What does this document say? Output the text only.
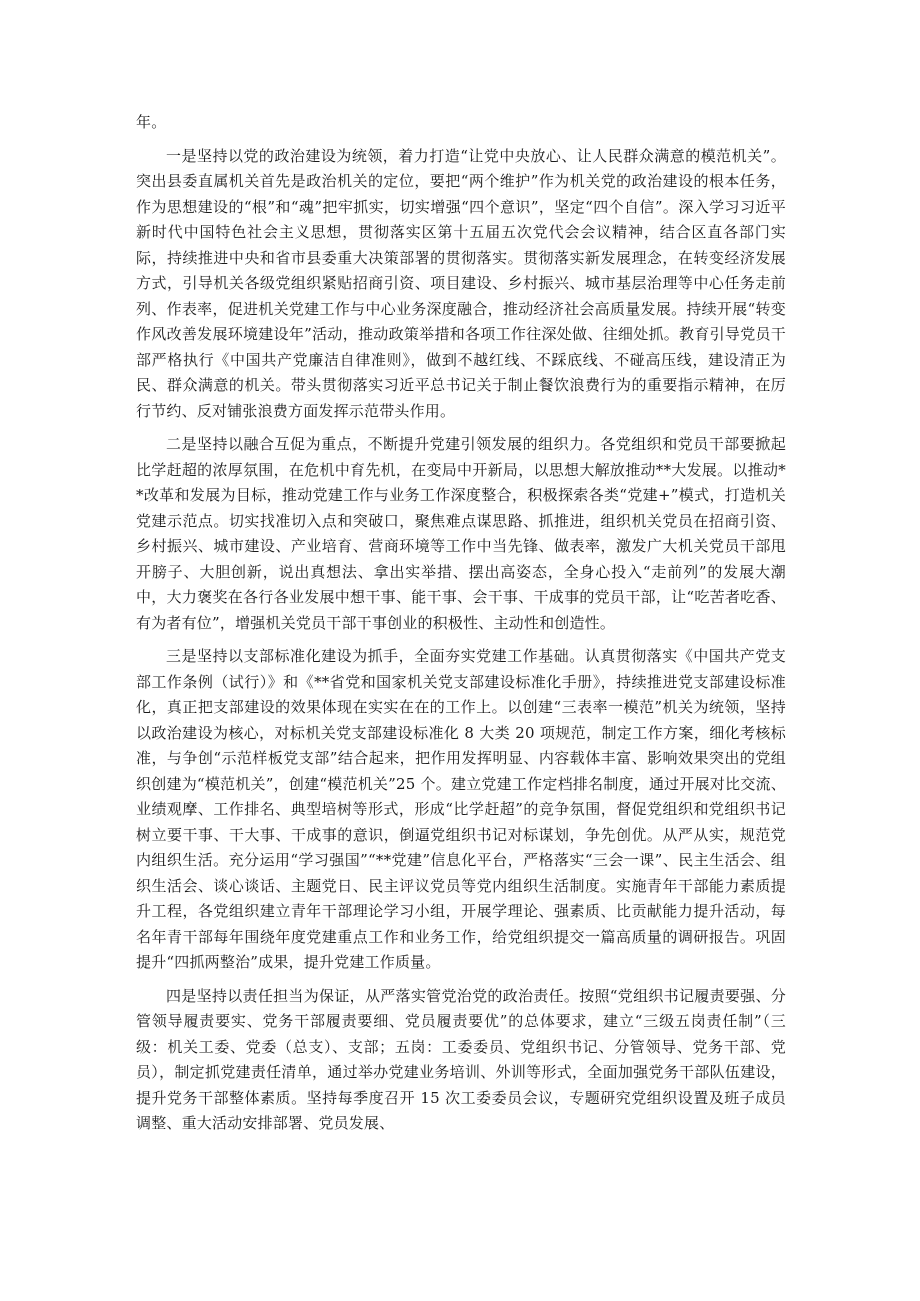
年。

一是坚持以党的政治建设为统领，着力打造“让党中央放心、让人民群众满意的模范机关”。突出县委直属机关首先是政治机关的定位，要把“两个维护”作为机关党的政治建设的根本任务，作为思想建设的“根”和“魂”把牢抓实，切实增强“四个意识”，坚定“四个自信”。深入学习习近平新时代中国特色社会主义思想，贯彻落实区第十五届五次党代会会议精神，结合区直各部门实际，持续推进中央和省市县委重大决策部署的贯彻落实。贯彻落实新发展理念，在转变经济发展方式，引导机关各级党组织紧贴招商引资、项目建设、乡村振兴、城市基层治理等中心任务走前列、作表率，促进机关党建工作与中心业务深度融合，推动经济社会高质量发展。持续开展“转变作风改善发展环境建设年”活动，推动政策举措和各项工作往深处做、往细处抓。教育引导党员干部严格执行《中国共产党廉洁自律准则》，做到不越红线、不踩底线、不碰高压线，建设清正为民、群众满意的机关。带头贯彻落实习近平总书记关于制止餐饮浪费行为的重要指示精神，在厉行节约、反对铺张浪费方面发挥示范带头作用。

二是坚持以融合互促为重点，不断提升党建引领发展的组织力。各党组织和党员干部要掀起比学赶超的浓厚氛围，在危机中育先机，在变局中开新局，以思想大解放推动**大发展。以推动**改革和发展为目标，推动党建工作与业务工作深度整合，积极探索各类“党建+”模式，打造机关党建示范点。切实找准切入点和突破口，聚焦难点谋思路、抓推进，组织机关党员在招商引资、乡村振兴、城市建设、产业培育、营商环境等工作中当先锋、做表率，激发广大机关党员干部甩开膀子、大胆创新，说出真想法、拿出实举措、摆出高姿态，全身心投入“走前列”的发展大潮中，大力褒奖在各行各业发展中想干事、能干事、会干事、干成事的党员干部，让“吃苦者吃香、有为者有位”，增强机关党员干部干事创业的积极性、主动性和创造性。

三是坚持以支部标准化建设为抓手，全面夯实党建工作基础。认真贯彻落实《中国共产党支部工作条例（试行）》和《**省党和国家机关党支部建设标准化手册》，持续推进党支部建设标准化，真正把支部建设的效果体现在实实在在的工作上。以创建“三表率一模范”机关为统领，坚持以政治建设为核心，对标机关党支部建设标准化 8 大类 20 项规范，制定工作方案，细化考核标准，与争创“示范样板党支部”结合起来，把作用发挥明显、内容载体丰富、影响效果突出的党组织创建为“模范机关”，创建“模范机关”25 个。建立党建工作定档排名制度，通过开展对比交流、业绩观摩、工作排名、典型培树等形式，形成“比学赶超”的竞争氛围，督促党组织和党组织书记树立要干事、干大事、干成事的意识，倒逼党组织书记对标谋划，争先创优。从严从实，规范党内组织生活。充分运用“学习强国”“**党建”信息化平台，严格落实“三会一课”、民主生活会、组织生活会、谈心谈话、主题党日、民主评议党员等党内组织生活制度。实施青年干部能力素质提升工程，各党组织建立青年干部理论学习小组，开展学理论、强素质、比贡献能力提升活动，每名年青干部每年围绕年度党建重点工作和业务工作，给党组织提交一篇高质量的调研报告。巩固提升“四抓两整治”成果，提升党建工作质量。

四是坚持以责任担当为保证，从严落实管党治党的政治责任。按照“党组织书记履责要强、分管领导履责要实、党务干部履责要细、党员履责要优”的总体要求，建立“三级五岗责任制”（三级：机关工委、党委（总支）、支部；五岗：工委委员、党组织书记、分管领导、党务干部、党员），制定抓党建责任清单，通过举办党建业务培训、外训等形式，全面加强党务干部队伍建设，提升党务干部整体素质。坚持每季度召开 15 次工委委员会议，专题研究党组织设置及班子成员调整、重大活动安排部署、党员发展、
